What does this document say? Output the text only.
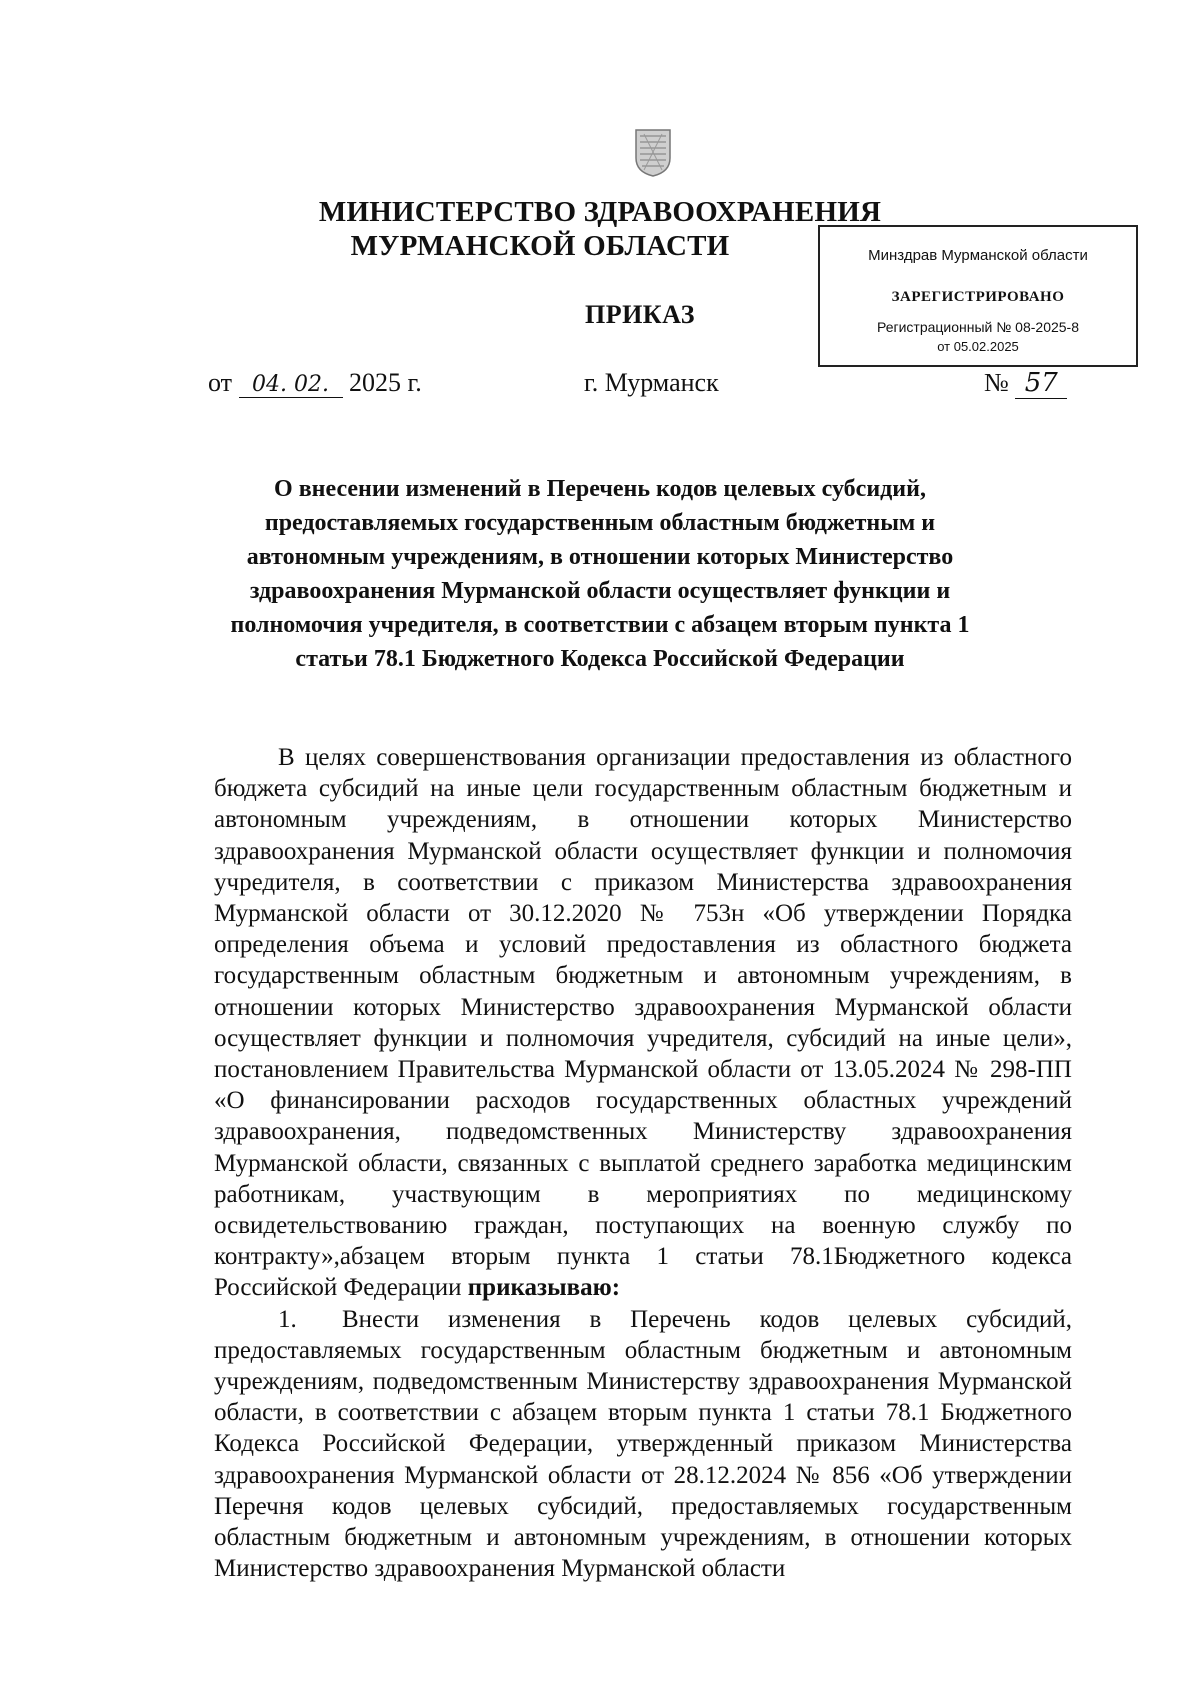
МИНИСТЕРСТВО ЗДРАВООХРАНЕНИЯ
МУРМАНСКОЙ ОБЛАСТИ	Минздрав Мурманской области
ЗАРЕГИСТРИРОВАНО
Регистрационный № 08-2025-8
от 05.02.2025
ПРИКАЗ
от 04. 02. 2025 г.	г. Мурманск	№ 57
О внесении изменений в Перечень кодов целевых субсидий,
предоставляемых государственным областным бюджетным и
автономным учреждениям, в отношении которых Министерство
здравоохранения Мурманской области осуществляет функции и
полномочия учредителя, в соответствии с абзацем вторым пункта 1
статьи 78.1 Бюджетного Кодекса Российской Федерации

В целях совершенствования организации предоставления из областного бюджета субсидий на иные цели государственным областным бюджетным и автономным учреждениям, в отношении которых Министерство здравоохранения Мурманской области осуществляет функции и полномочия учредителя, в соответствии с приказом Министерства здравоохранения Мурманской области от 30.12.2020 № 753н «Об утверждении Порядка определения объема и условий предоставления из областного бюджета государственным областным бюджетным и автономным учреждениям, в отношении которых Министерство здравоохранения Мурманской области осуществляет функции и полномочия учредителя, субсидий на иные цели», постановлением Правительства Мурманской области от 13.05.2024 № 298-ПП «О финансировании расходов государственных областных учреждений здравоохранения, подведомственных Министерству здравоохранения Мурманской области, связанных с выплатой среднего заработка медицинским работникам, участвующим в мероприятиях по медицинскому освидетельствованию граждан, поступающих на военную службу по контракту»,абзацем вторым пункта 1 статьи 78.1Бюджетного кодекса Российской Федерации приказываю:

1. Внести изменения в Перечень кодов целевых субсидий, предоставляемых государственным областным бюджетным и автономным учреждениям, подведомственным Министерству здравоохранения Мурманской области, в соответствии с абзацем вторым пункта 1 статьи 78.1 Бюджетного Кодекса Российской Федерации, утвержденный приказом Министерства здравоохранения Мурманской области от 28.12.2024 № 856 «Об утверждении Перечня кодов целевых субсидий, предоставляемых государственным областным бюджетным и автономным учреждениям, в отношении которых Министерство здравоохранения Мурманской области
